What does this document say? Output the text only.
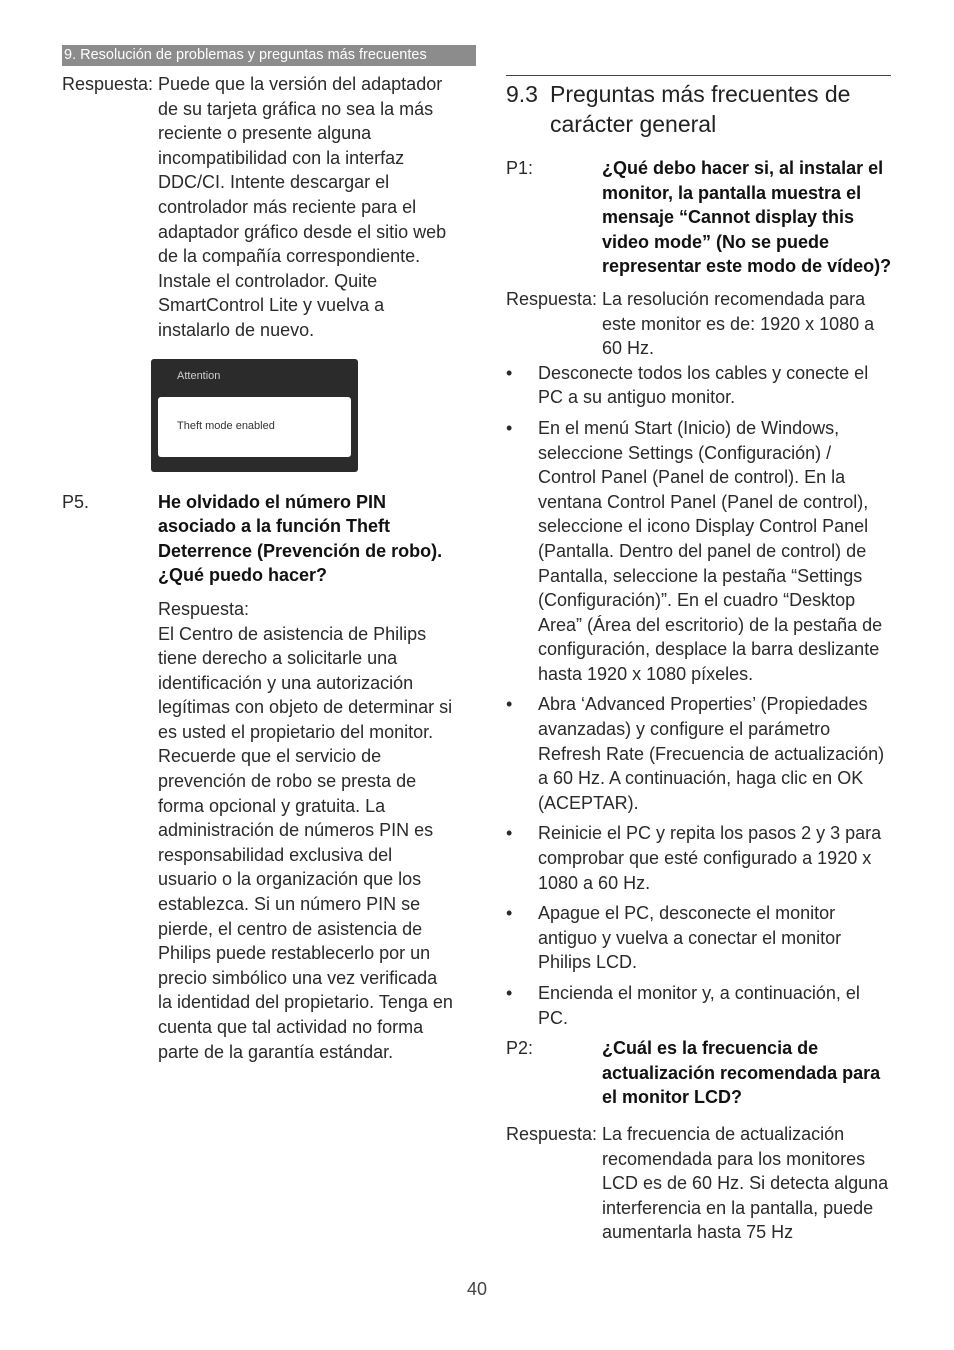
9. Resolución de problemas y preguntas más frecuentes
Respuesta: Puede que la versión del adaptador de su tarjeta gráfica no sea la más reciente o presente alguna incompatibilidad con la interfaz DDC/CI. Intente descargar el controlador más reciente para el adaptador gráfico desde el sitio web de la compañía correspondiente. Instale el controlador. Quite SmartControl Lite y vuelva a instalarlo de nuevo.
Attention
Theft mode enabled
P5.	He olvidado el número PIN asociado a la función Theft Deterrence (Prevención de robo). ¿Qué puedo hacer?

Respuesta:

El Centro de asistencia de Philips tiene derecho a solicitarle una identificación y una autorización legítimas con objeto de determinar si es usted el propietario del monitor.

Recuerde que el servicio de prevención de robo se presta de forma opcional y gratuita. La administración de números PIN es responsabilidad exclusiva del usuario o la organización que los establezca. Si un número PIN se pierde, el centro de asistencia de Philips puede restablecerlo por un precio simbólico una vez verificada la identidad del propietario. Tenga en cuenta que tal actividad no forma parte de la garantía estándar.

9.3 Preguntas más frecuentes de carácter general
P1:	¿Qué debo hacer si, al instalar el monitor, la pantalla muestra el mensaje “Cannot display this video mode” (No se puede representar este modo de vídeo)?
Respuesta: La resolución recomendada para este monitor es de: 1920 x 1080 a 60 Hz.
•	Desconecte todos los cables y conecte el PC a su antiguo monitor.
•	En el menú Start (Inicio) de Windows, seleccione Settings (Configuración) / Control Panel (Panel de control). En la ventana Control Panel (Panel de control), seleccione el icono Display Control Panel (Pantalla. Dentro del panel de control) de Pantalla, seleccione la pestaña “Settings (Configuración)”. En el cuadro “Desktop Area” (Área del escritorio) de la pestaña de configuración, desplace la barra deslizante hasta 1920 x 1080 píxeles.
•	Abra ‘Advanced Properties’ (Propiedades avanzadas) y configure el parámetro Refresh Rate (Frecuencia de actualización) a 60 Hz. A continuación, haga clic en OK (ACEPTAR).
•	Reinicie el PC y repita los pasos 2 y 3 para comprobar que esté configurado a 1920 x 1080 a 60 Hz.
•	Apague el PC, desconecte el monitor antiguo y vuelva a conectar el monitor Philips LCD.
•	Encienda el monitor y, a continuación, el PC.
P2:	¿Cuál es la frecuencia de actualización recomendada para el monitor LCD?
Respuesta: La frecuencia de actualización recomendada para los monitores LCD es de 60 Hz. Si detecta alguna interferencia en la pantalla, puede aumentarla hasta 75 Hz
40
